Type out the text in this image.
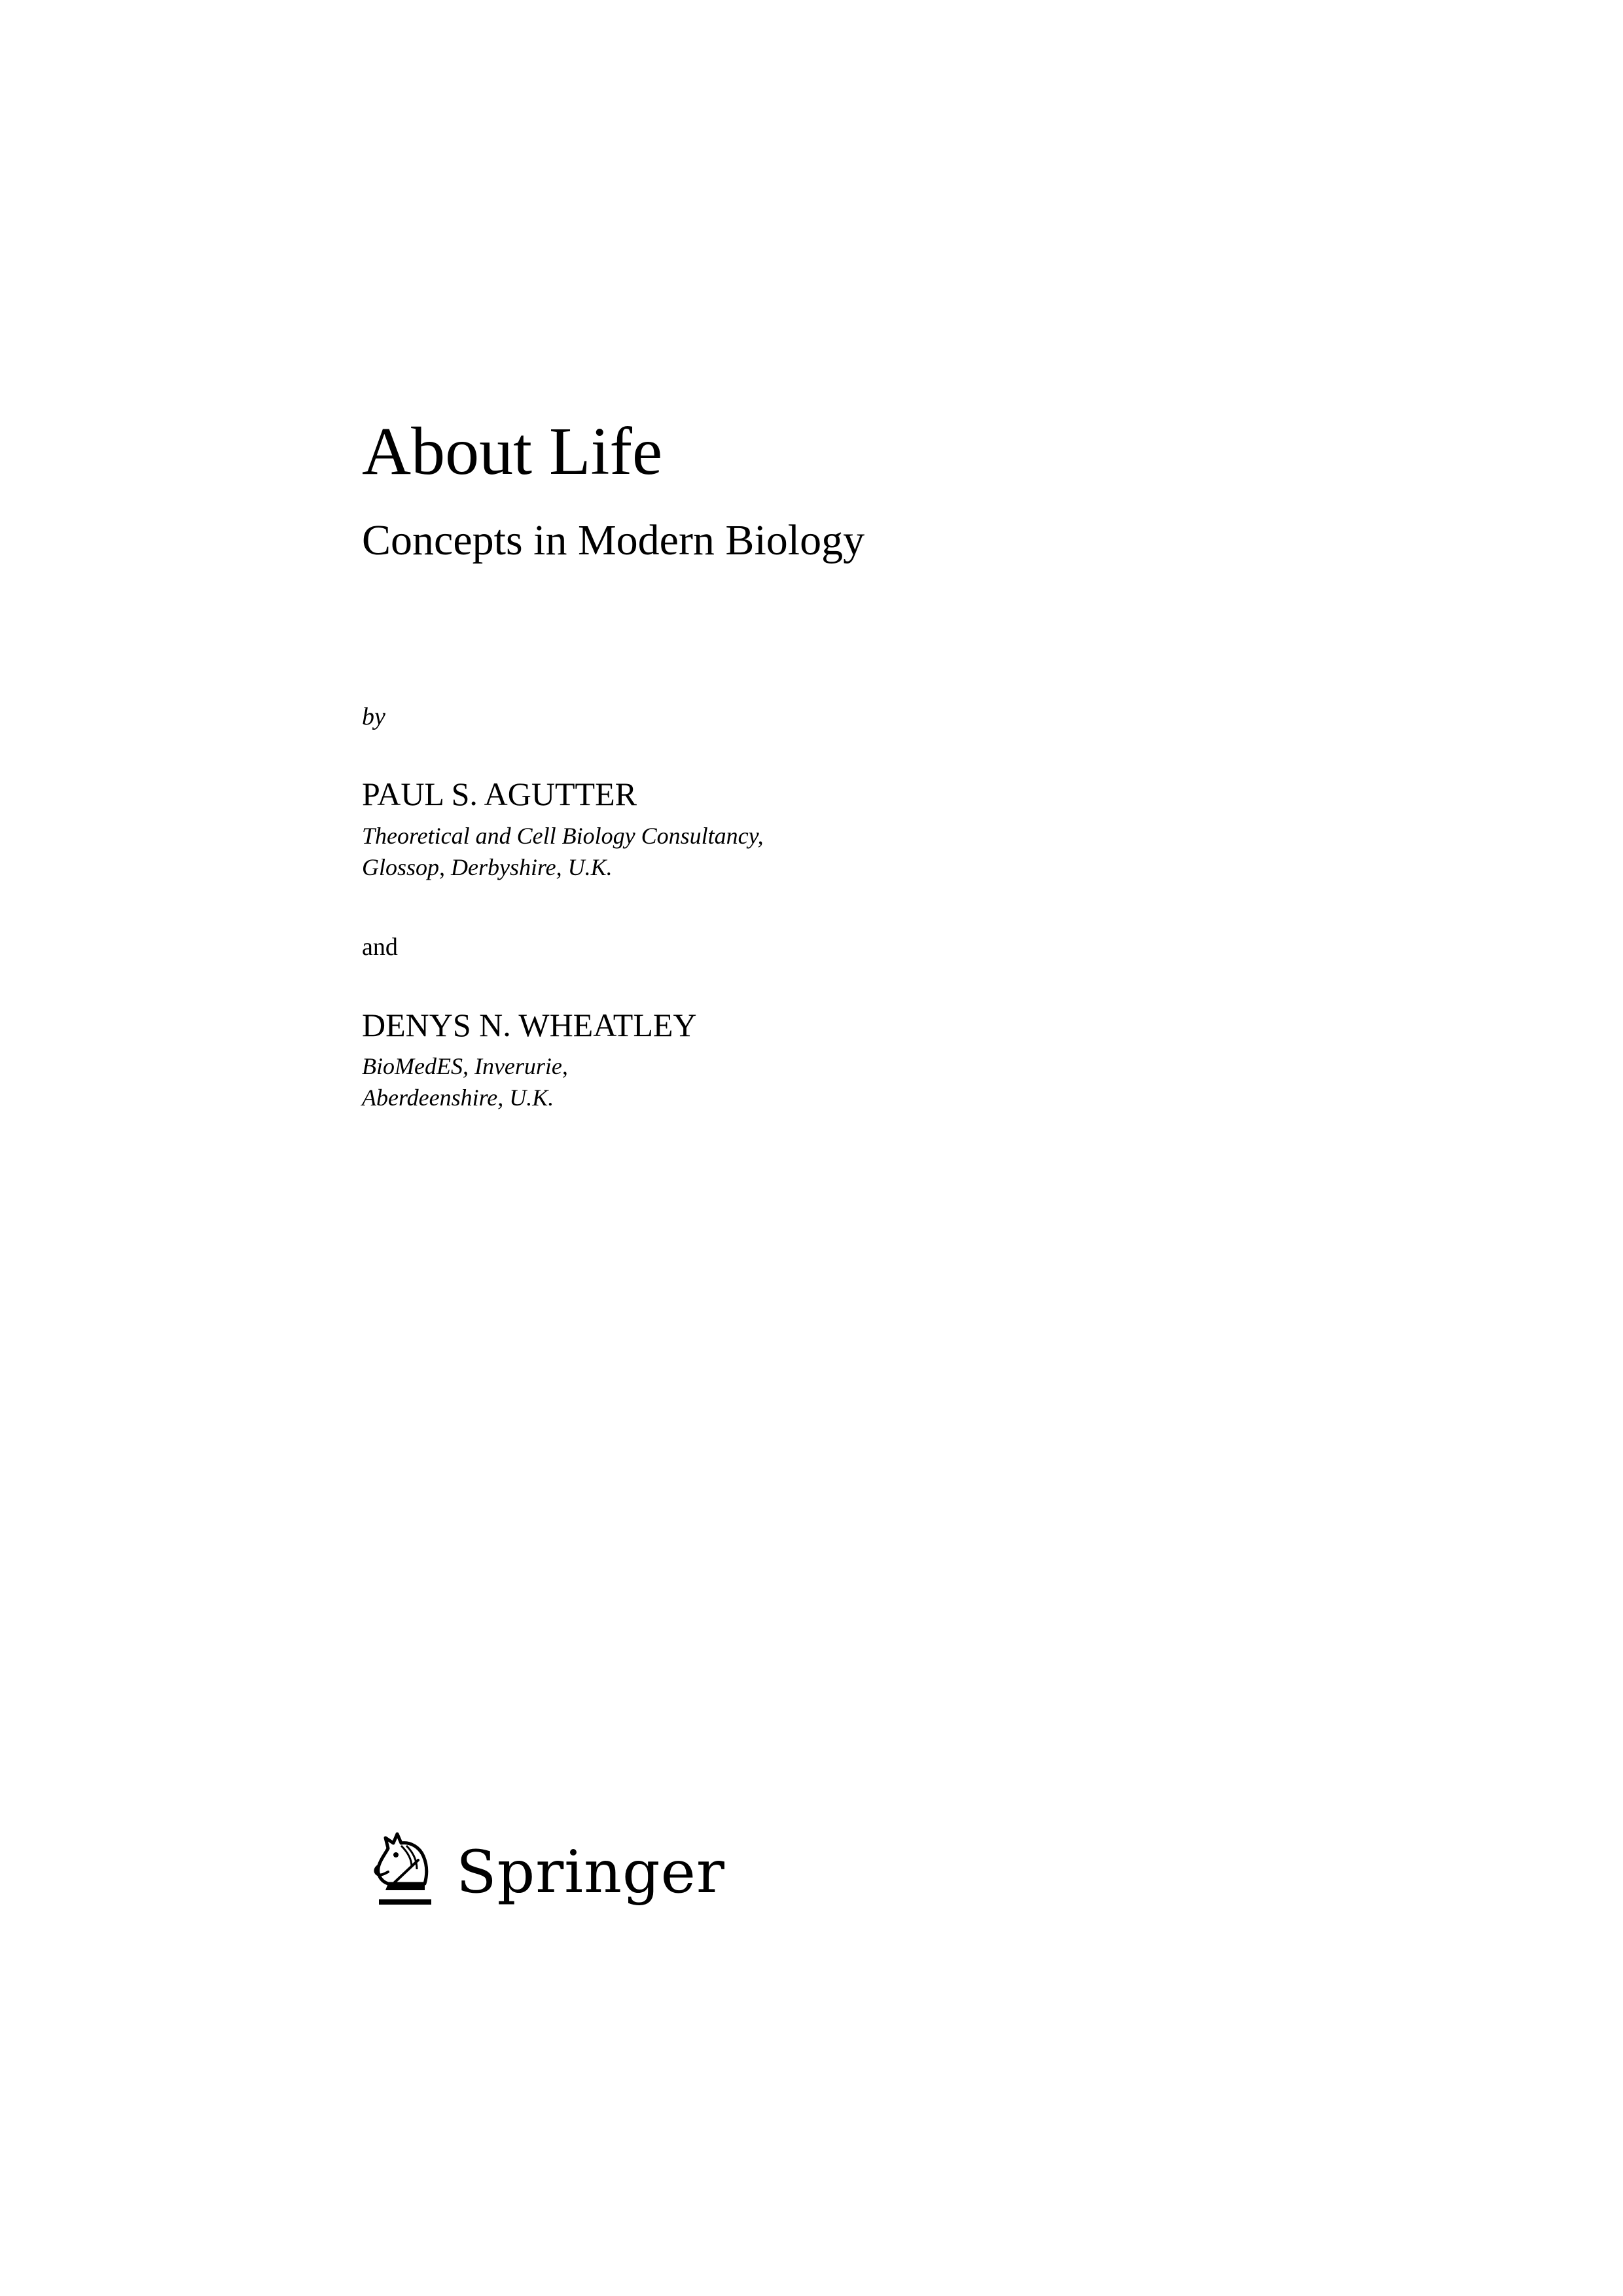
About Life
Concepts in Modern Biology

by

PAUL S. AGUTTER

Theoretical and Cell Biology Consultancy,

Glossop, Derbyshire, U.K.

and

DENYS N. WHEATLEY

BioMedES, Inverurie,

Aberdeenshire, U.K.

Springer
